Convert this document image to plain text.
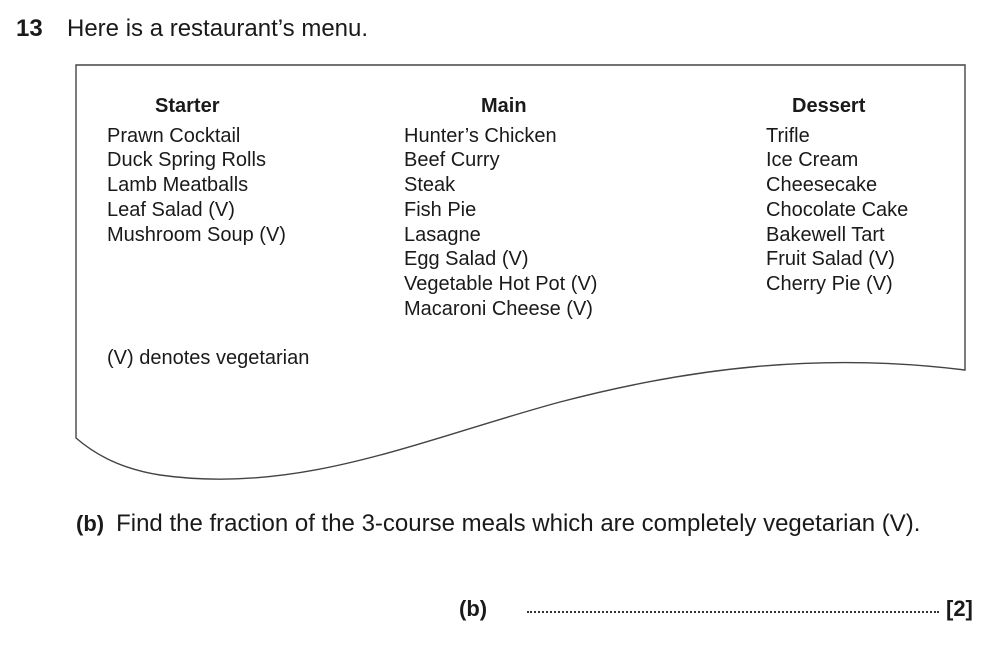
13 Here is a restaurant’s menu.
Starter
Prawn Cocktail
Duck Spring Rolls
Lamb Meatballs
Leaf Salad (V)
Mushroom Soup (V)
Main
Hunter’s Chicken
Beef Curry
Steak
Fish Pie
Lasagne
Egg Salad (V)
Vegetable Hot Pot (V)
Macaroni Cheese (V)
Dessert
Trifle
Ice Cream
Cheesecake
Chocolate Cake
Bakewell Tart
Fruit Salad (V)
Cherry Pie (V)
(V) denotes vegetarian
(b) Find the fraction of the 3-course meals which are completely vegetarian (V).
(b)	[2]
